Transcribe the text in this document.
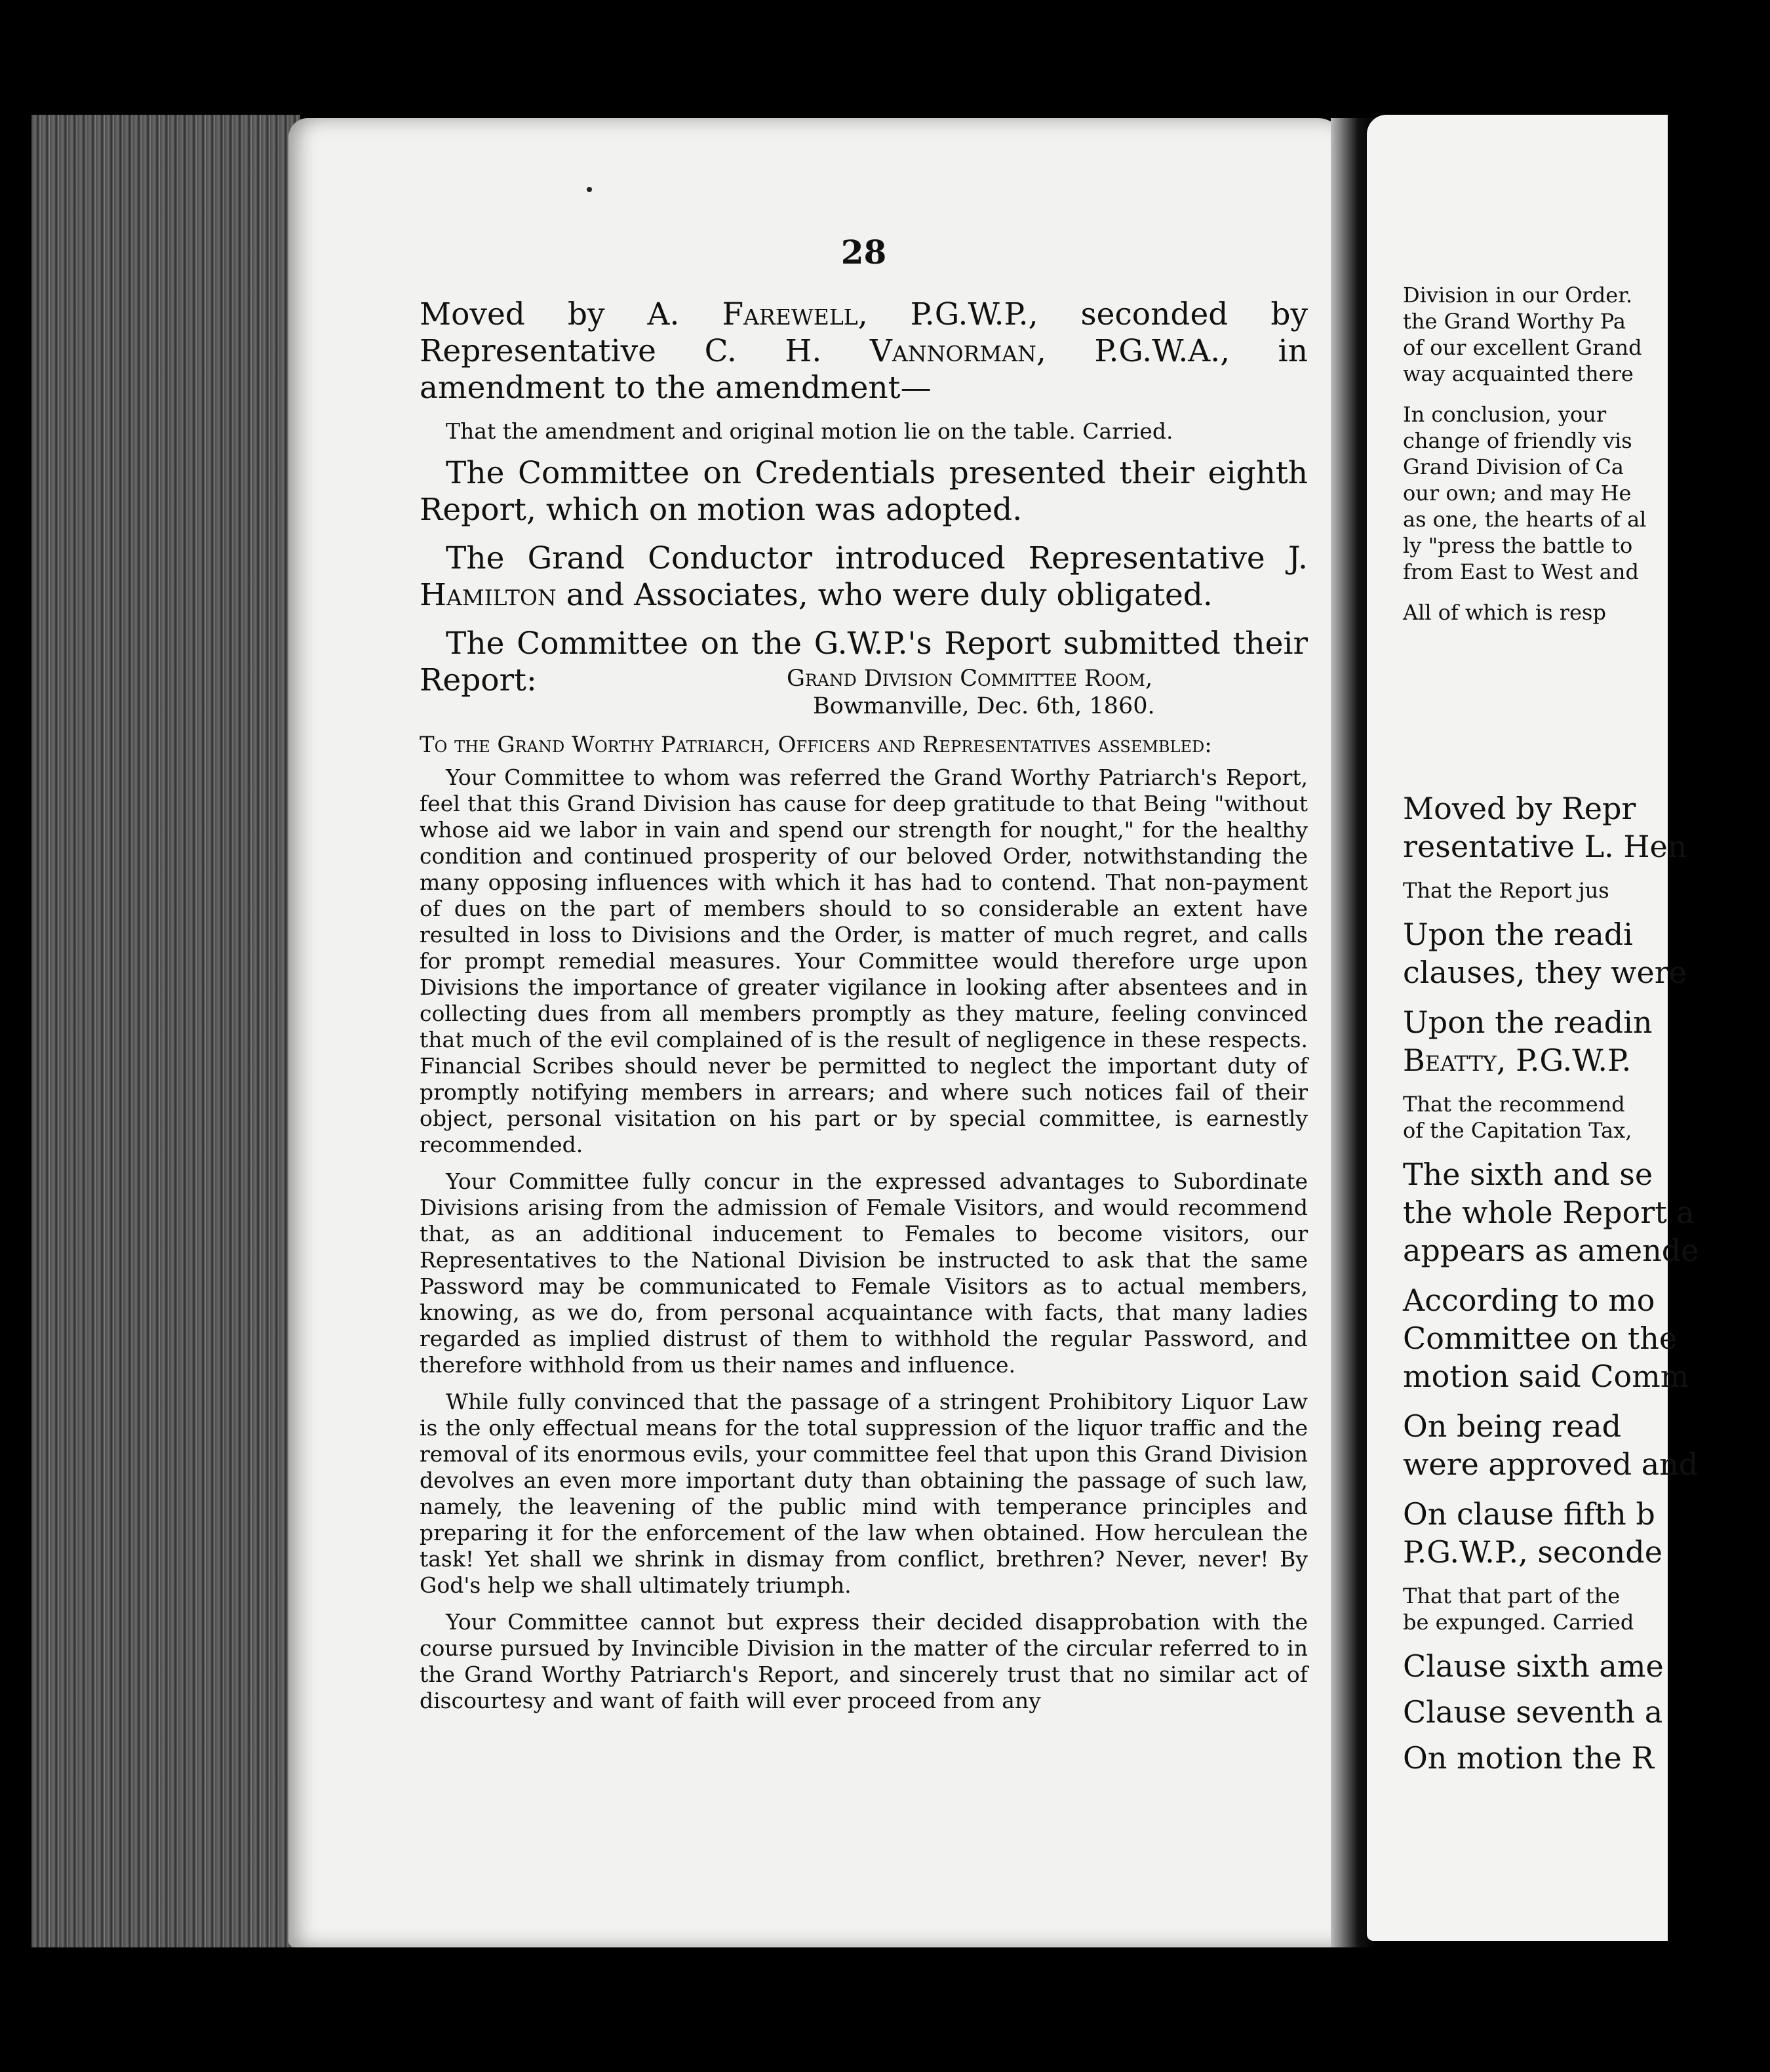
28

Moved by A. Farewell, P.G.W.P., seconded by Representative C. H. Vannorman, P.G.W.A., in amendment to the amendment—

That the amendment and original motion lie on the table. Carried.

The Committee on Credentials presented their eighth Report, which on motion was adopted.

The Grand Conductor introduced Representative J. Hamilton and Associates, who were duly obligated.

The Committee on the G.W.P.'s Report submitted their Report:	Grand Division Committee Room,
Bowmanville, Dec. 6th, 1860.

To the Grand Worthy Patriarch, Officers and Representatives assembled:

Your Committee to whom was referred the Grand Worthy Patriarch's Report, feel that this Grand Division has cause for deep gratitude to that Being "without whose aid we labor in vain and spend our strength for nought," for the healthy condition and continued prosperity of our beloved Order, notwithstanding the many opposing influences with which it has had to contend. That non-payment of dues on the part of members should to so considerable an extent have resulted in loss to Divisions and the Order, is matter of much regret, and calls for prompt remedial measures. Your Committee would therefore urge upon Divisions the importance of greater vigilance in looking after absentees and in collecting dues from all members promptly as they mature, feeling convinced that much of the evil complained of is the result of negligence in these respects. Financial Scribes should never be permitted to neglect the important duty of promptly notifying members in arrears; and where such notices fail of their object, personal visitation on his part or by special committee, is earnestly recommended.

Your Committee fully concur in the expressed advantages to Subordinate Divisions arising from the admission of Female Visitors, and would recommend that, as an additional inducement to Females to become visitors, our Representatives to the National Division be instructed to ask that the same Password may be communicated to Female Visitors as to actual members, knowing, as we do, from personal acquaintance with facts, that many ladies regarded as implied distrust of them to withhold the regular Password, and therefore withhold from us their names and influence.

While fully convinced that the passage of a stringent Prohibitory Liquor Law is the only effectual means for the total suppression of the liquor traffic and the removal of its enormous evils, your committee feel that upon this Grand Division devolves an even more important duty than obtaining the passage of such law, namely, the leavening of the public mind with temperance principles and preparing it for the enforcement of the law when obtained. How herculean the task! Yet shall we shrink in dismay from conflict, brethren? Never, never! By God's help we shall ultimately triumph.

Your Committee cannot but express their decided disapprobation with the course pursued by Invincible Division in the matter of the circular referred to in the Grand Worthy Patriarch's Report, and sincerely trust that no similar act of discourtesy and want of faith will ever proceed from any

Division in our Order.

the Grand Worthy Pa

of our excellent Grand

way acquainted there

In conclusion, your

change of friendly vis

Grand Division of Ca

our own; and may He

as one, the hearts of al

ly "press the battle to

from East to West and

All of which is resp

Moved by Repr

resentative L. Hen

That the Report jus

Upon the readi

clauses, they were

Upon the readin

Beatty, P.G.W.P.

That the recommend

of the Capitation Tax,

The sixth and se

the whole Report a

appears as amende

According to mo

Committee on the

motion said Comm

On being read

were approved and

On clause fifth b

P.G.W.P., seconde

That that part of the

be expunged. Carried

Clause sixth ame

Clause seventh a

On motion the R
